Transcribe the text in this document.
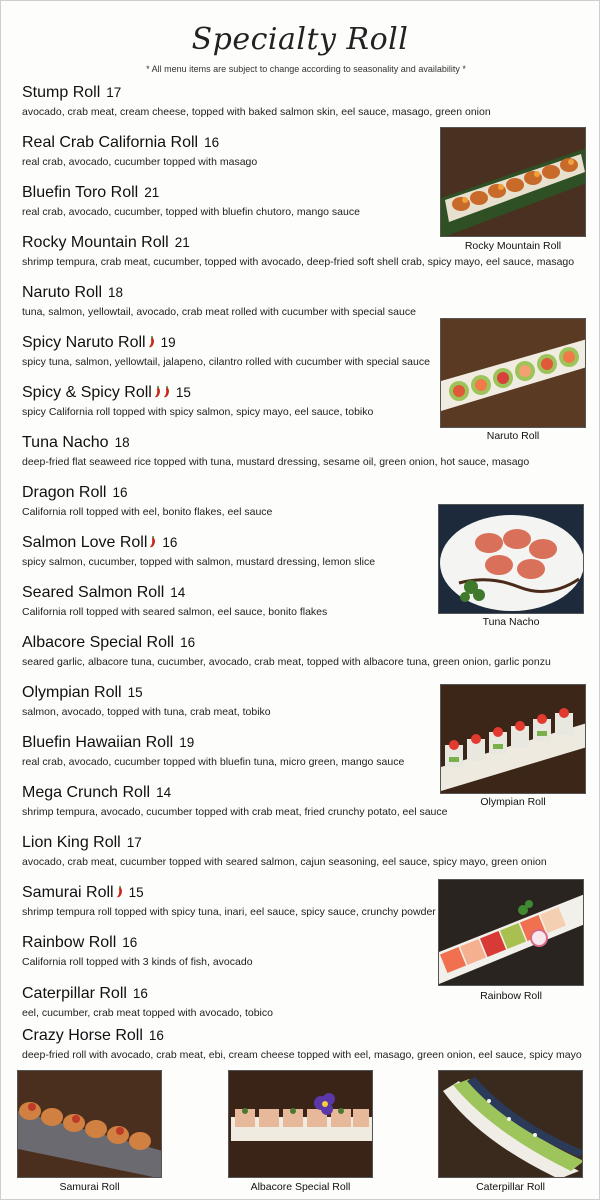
Specialty Roll
* All menu items are subject to change according to seasonality and availability *
Stump Roll 17
avocado, crab meat, cream cheese, topped with baked salmon skin, eel sauce, masago, green onion
Real Crab California Roll 16
real crab, avocado, cucumber topped with masago
Bluefin Toro Roll 21
real crab, avocado, cucumber, topped with bluefin chutoro, mango sauce
Rocky Mountain Roll 21
shrimp tempura, crab meat, cucumber, topped with avocado, deep-fried soft shell crab, spicy mayo, eel sauce, masago
Naruto Roll 18
tuna, salmon, yellowtail, avocado, crab meat rolled with cucumber with special sauce
Spicy Naruto Roll 19
spicy tuna, salmon, yellowtail, jalapeno, cilantro rolled with cucumber with special sauce
Spicy & Spicy Roll 15
spicy California roll topped with spicy salmon, spicy mayo, eel sauce, tobiko
Tuna Nacho 18
deep-fried flat seaweed rice topped with tuna, mustard dressing, sesame oil, green onion, hot sauce, masago
Dragon Roll 16
California roll topped with eel, bonito flakes, eel sauce
Salmon Love Roll 16
spicy salmon, cucumber, topped with salmon, mustard dressing, lemon slice
Seared Salmon Roll 14
California roll topped with seared salmon, eel sauce, bonito flakes
Albacore Special Roll 16
seared garlic, albacore tuna, cucumber, avocado, crab meat, topped with albacore tuna, green onion, garlic ponzu
Olympian Roll 15
salmon, avocado, topped with tuna, crab meat, tobiko
Bluefin Hawaiian Roll 19
real crab, avocado, cucumber topped with bluefin tuna, micro green, mango sauce
Mega Crunch Roll 14
shrimp tempura, avocado, cucumber topped with crab meat, fried crunchy potato, eel sauce
Lion King Roll 17
avocado, crab meat, cucumber topped with seared salmon, cajun seasoning, eel sauce, spicy mayo, green onion
Samurai Roll 15
shrimp tempura roll topped with spicy tuna, inari, eel sauce, spicy sauce, crunchy powder
Rainbow Roll 16
California roll topped with 3 kinds of fish, avocado
Caterpillar Roll 16
eel, cucumber, crab meat topped with avocado, tobico
Crazy Horse Roll 16
deep-fried roll with avocado, crab meat, ebi, cream cheese topped with eel, masago, green onion, eel sauce, spicy mayo
Rocky Mountain Roll
Naruto Roll
Tuna Nacho
Olympian Roll
Rainbow Roll
Samurai Roll	Albacore Special Roll	Caterpillar Roll
